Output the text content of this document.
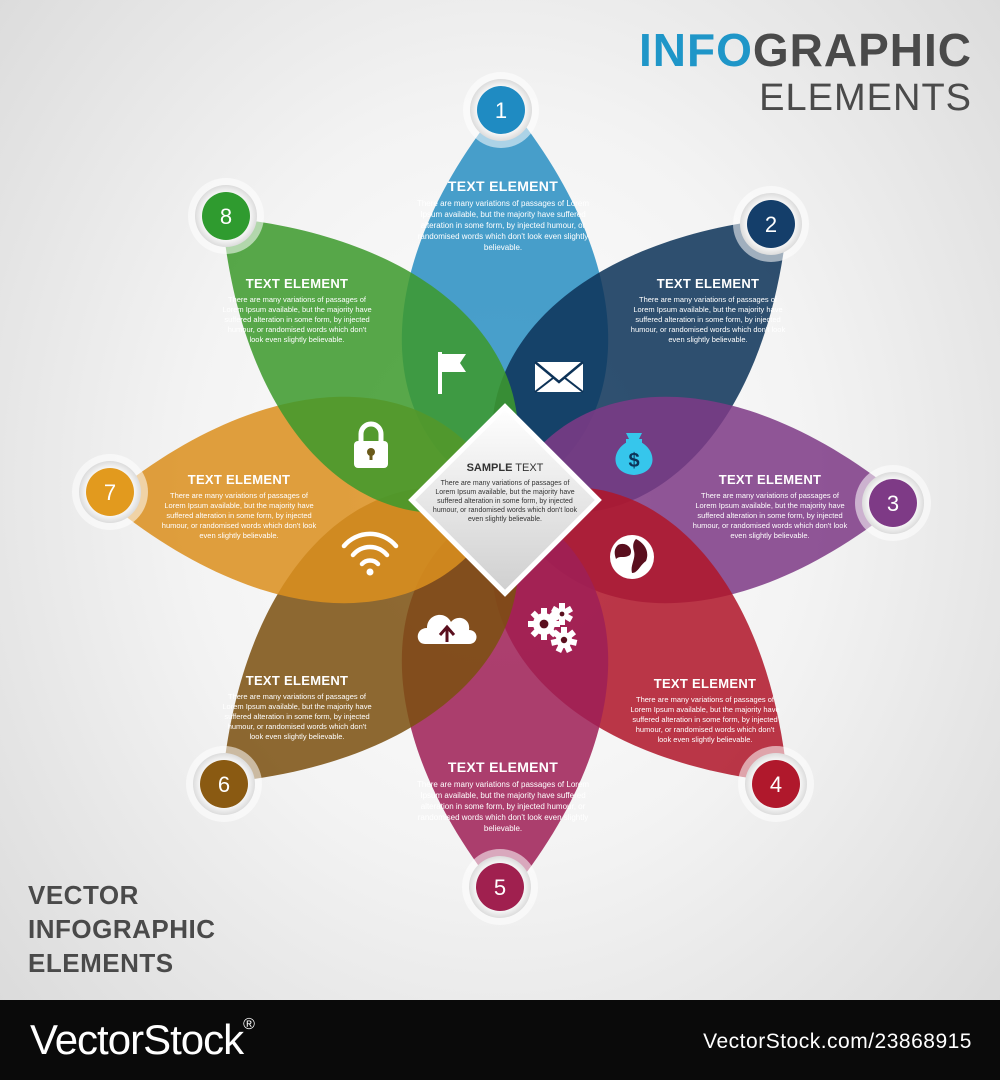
$
1
2
3
4
5
6
7
8
INFOGRAPHIC
ELEMENTS
SAMPLE TEXT
There are many variations of passages of Lorem Ipsum available, but the majority have suffered alteration in some form, by injected humour, or randomised words which don't look even slightly believable.
TEXT ELEMENT
There are many variations of passages of Lorem Ipsum available, but the majority have suffered alteration in some form, by injected humour, or randomised words which don't look even slightly believable.
TEXT ELEMENT
There are many variations of passages of Lorem Ipsum available, but the majority have suffered alteration in some form, by injected humour, or randomised words which don't look even slightly believable.
TEXT ELEMENT
There are many variations of passages of Lorem Ipsum available, but the majority have suffered alteration in some form, by injected humour, or randomised words which don't look even slightly believable.
TEXT ELEMENT
There are many variations of passages of Lorem Ipsum available, but the majority have suffered alteration in some form, by injected humour, or randomised words which don't look even slightly believable.
TEXT ELEMENT
There are many variations of passages of Lorem Ipsum available, but the majority have suffered alteration in some form, by injected humour, or randomised words which don't look even slightly believable.
TEXT ELEMENT
There are many variations of passages of Lorem Ipsum available, but the majority have suffered alteration in some form, by injected humour, or randomised words which don't look even slightly believable.
TEXT ELEMENT
There are many variations of passages of Lorem Ipsum available, but the majority have suffered alteration in some form, by injected humour, or randomised words which don't look even slightly believable.
TEXT ELEMENT
There are many variations of passages of Lorem Ipsum available, but the majority have suffered alteration in some form, by injected humour, or randomised words which don't look even slightly believable.
VECTOR
INFOGRAPHIC
ELEMENTS
VectorStock®
VectorStock.com/23868915
